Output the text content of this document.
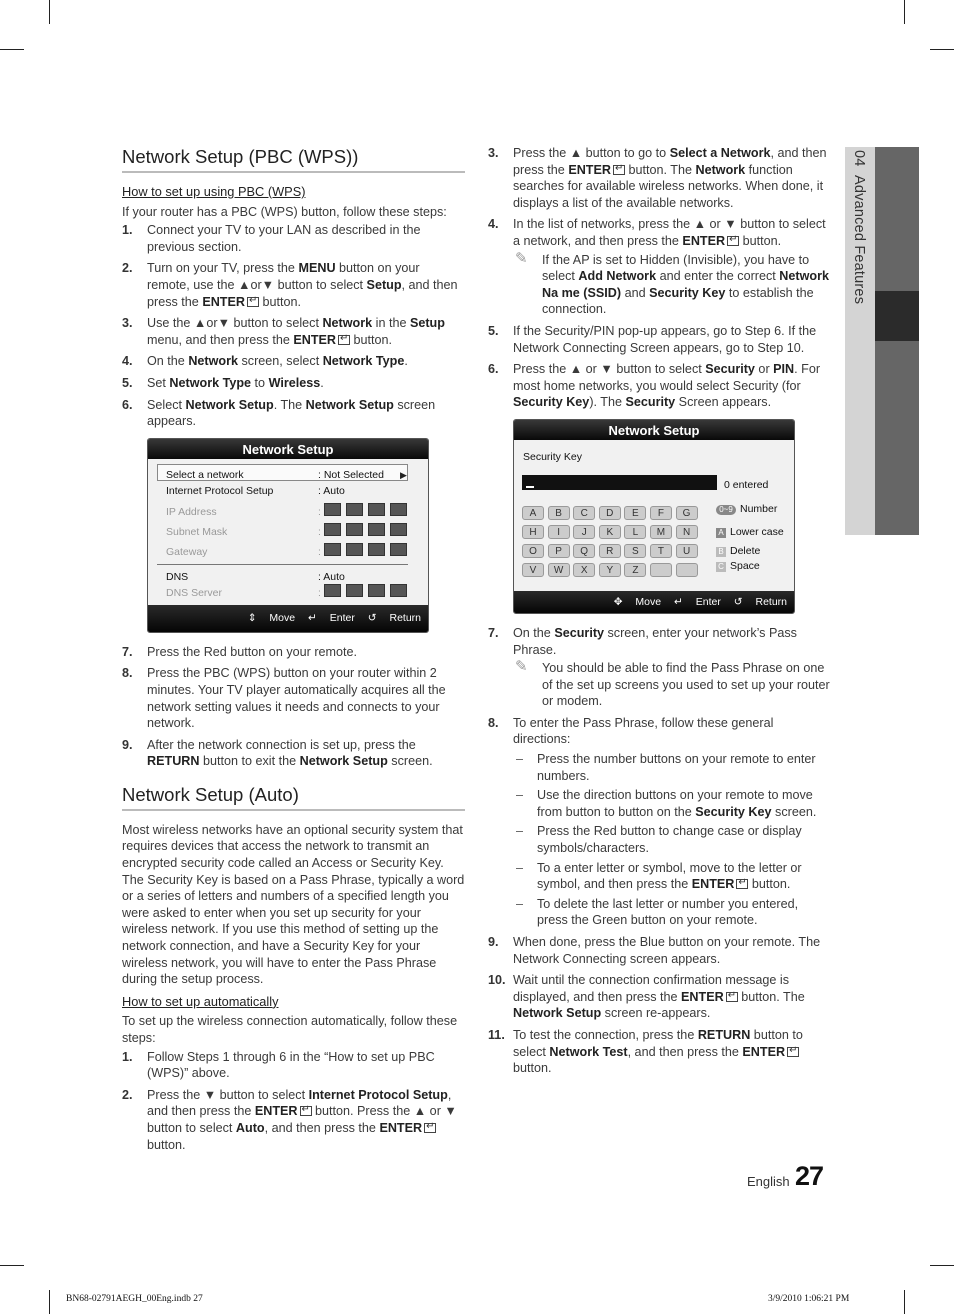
04  Advanced Features
Network Setup (PBC (WPS))
How to set up using PBC (WPS)
If your router has a PBC (WPS) button, follow these steps:
1. Connect your TV to your LAN as described in the previous section.
2. Turn on your TV, press the MENU button on your remote, use the ▲or▼ button to select Setup, and then press the ENTER↵ button.
3. Use the ▲or▼ button to select Network in the Setup menu, and then press the ENTER↵ button.
4. On the Network screen, select Network Type.
5. Set Network Type to Wireless.
6. Select Network Setup. The Network Setup screen appears.
Network Setup
Select a network	: Not Selected ▶
Internet Protocol Setup	: Auto
IP Address	:
Subnet Mask	:
Gateway	:
DNS	: Auto
DNS Server	:
⇕ Move ↵ Enter ↺ Return
7. Press the Red button on your remote.
8. Press the PBC (WPS) button on your router within 2 minutes. Your TV player automatically acquires all the network setting values it needs and connects to your network.
9. After the network connection is set up, press the RETURN button to exit the Network Setup screen.
Network Setup (Auto)
Most wireless networks have an optional security system that requires devices that access the network to transmit an encrypted security code called an Access or Security Key. The Security Key is based on a Pass Phrase, typically a word or a series of letters and numbers of a specified length you were asked to enter when you set up security for your wireless network. If you use this method of setting up the network connection, and have a Security Key for your wireless network, you will have to enter the Pass Phrase during the setup process.
How to set up automatically
To set up the wireless connection automatically, follow these steps:
1. Follow Steps 1 through 6 in the “How to set up PBC (WPS)” above.
2. Press the ▼ button to select Internet Protocol Setup, and then press the ENTER↵ button. Press the ▲ or ▼ button to select Auto, and then press the ENTER↵ button.
3. Press the ▲ button to go to Select a Network, and then press the ENTER↵ button. The Network function searches for available wireless networks. When done, it displays a list of the available networks.
4. In the list of networks, press the ▲ or ▼ button to select a network, and then press the ENTER↵ button.
✎ If the AP is set to Hidden (Invisible), you have to select Add Network and enter the correct Network Na me (SSID) and Security Key to establish the connection.
5. If the Security/PIN pop-up appears, go to Step 6. If the Network Connecting Screen appears, go to Step 10.
6. Press the ▲ or ▼ button to select Security or PIN. For most home networks, you would select Security (for Security Key). The Security Screen appears.
Network Setup
Security Key
0 entered
A B C D E F G
H I J K L M N
O P Q R S T U
V W X Y Z
0~9 Number
A Lower case
B Delete
C Space
✥ Move ↵ Enter ↺ Return
7. On the Security screen, enter your network’s Pass Phrase.
✎ You should be able to find the Pass Phrase on one of the set up screens you used to set up your router or modem.
8. To enter the Pass Phrase, follow these general directions:
– Press the number buttons on your remote to enter numbers.
– Use the direction buttons on your remote to move from button to button on the Security Key screen.
– Press the Red button to change case or display symbols/characters.
– To a enter letter or symbol, move to the letter or symbol, and then press the ENTER↵ button.
– To delete the last letter or number you entered, press the Green button on your remote.
9. When done, press the Blue button on your remote. The Network Connecting screen appears.
10. Wait until the connection confirmation message is displayed, and then press the ENTER↵ button. The Network Setup screen re-appears.
11. To test the connection, press the RETURN button to select Network Test, and then press the ENTER↵ button.
English 27
BN68-02791AEGH_00Eng.indb 27	3/9/2010 1:06:21 PM
